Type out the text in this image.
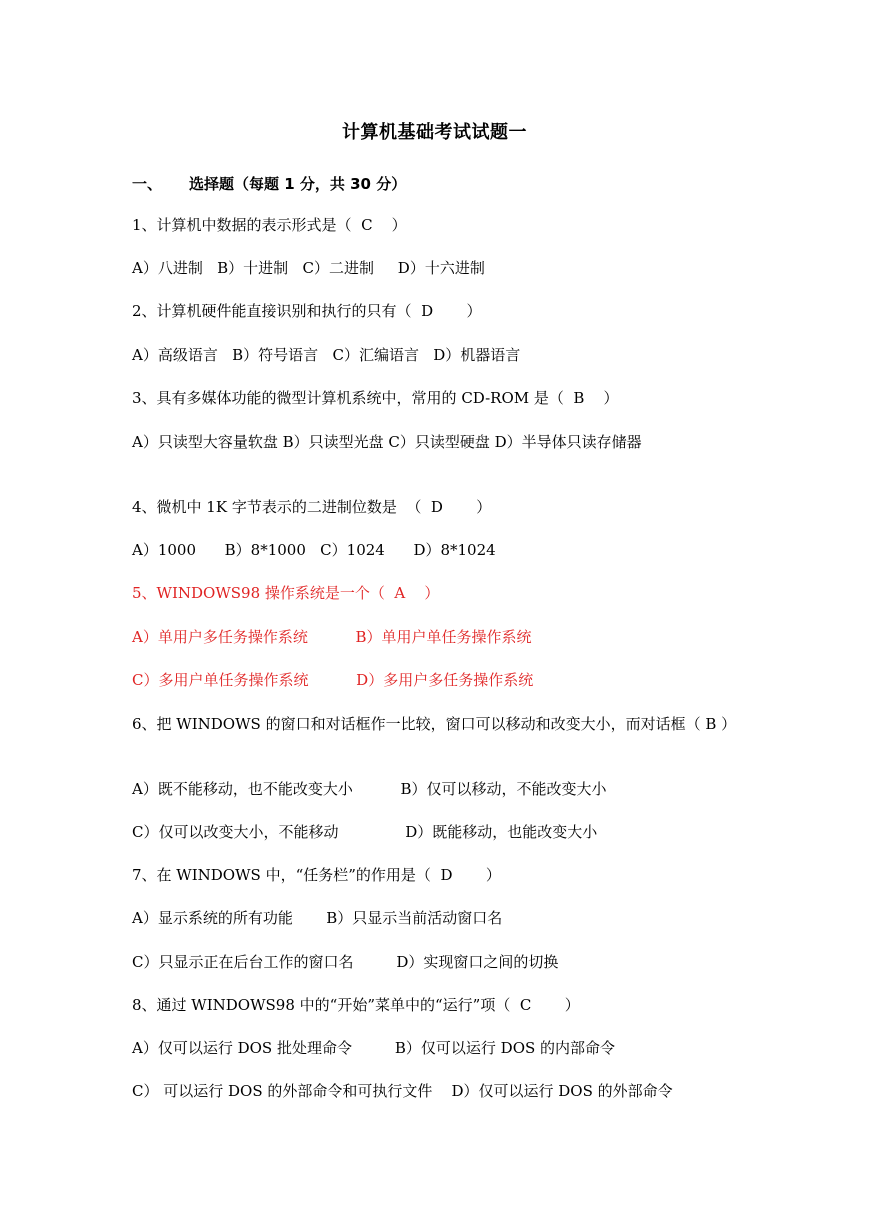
计算机基础考试试题一
一、 选择题（每题 1 分，共 30 分）
1、计算机中数据的表示形式是（  C    ）
A）八进制   B）十进制   C）二进制     D）十六进制
2、计算机硬件能直接识别和执行的只有（  D       ）
A）高级语言   B）符号语言   C）汇编语言   D）机器语言
3、具有多媒体功能的微型计算机系统中，常用的 CD-ROM 是（  B    ）
A）只读型大容量软盘 B）只读型光盘 C）只读型硬盘 D）半导体只读存储器
4、微机中 1K 字节表示的二进制位数是  （  D       ）
A）1000      B）8*1000   C）1024      D）8*1024
5、WINDOWS98 操作系统是一个（  A    ）
A）单用户多任务操作系统          B）单用户单任务操作系统
C）多用户单任务操作系统          D）多用户多任务操作系统
6、把 WINDOWS 的窗口和对话框作一比较，窗口可以移动和改变大小，而对话框（ B ）
A）既不能移动，也不能改变大小          B）仅可以移动，不能改变大小
C）仅可以改变大小，不能移动              D）既能移动，也能改变大小
7、在 WINDOWS 中，“任务栏”的作用是（  D       ）
A）显示系统的所有功能       B）只显示当前活动窗口名
C）只显示正在后台工作的窗口名         D）实现窗口之间的切换
8、通过 WINDOWS98 中的“开始”菜单中的“运行”项（  C       ）
A）仅可以运行 DOS 批处理命令         B）仅可以运行 DOS 的内部命令
C） 可以运行 DOS 的外部命令和可执行文件    D）仅可以运行 DOS 的外部命令
